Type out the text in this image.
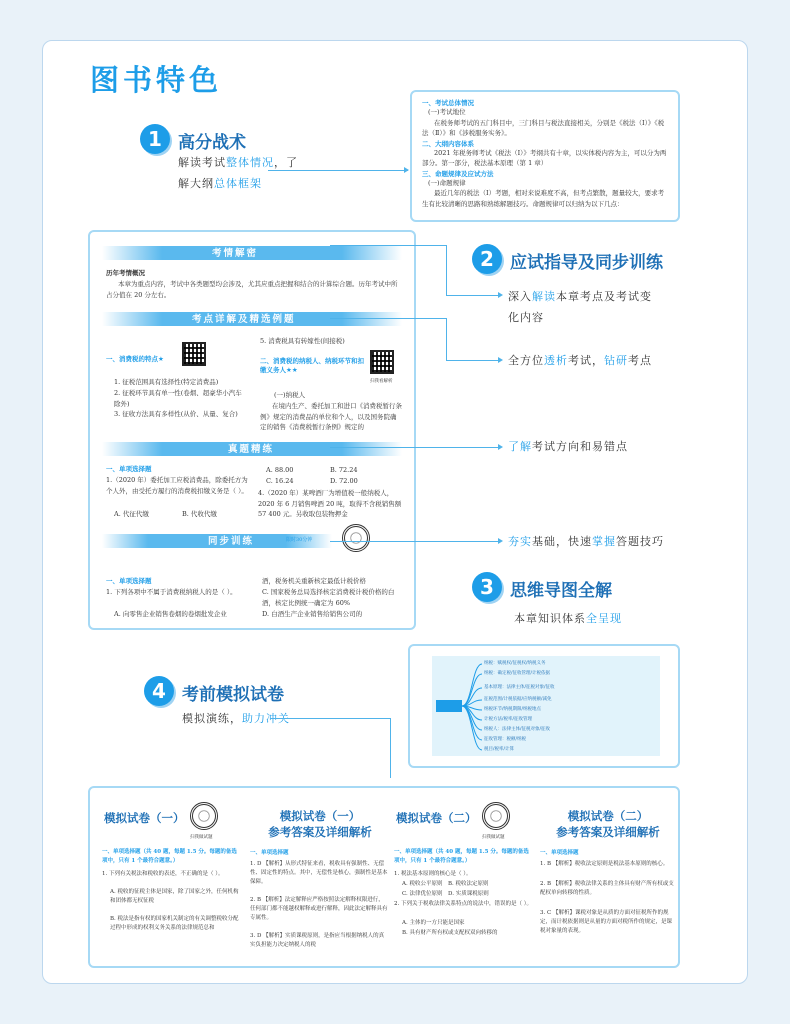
图书特色
一、考试总体情况
(一)考试地位
在税务师考试的五门科目中，三门科目与税法直接相关，分别是《税法（Ⅰ）》《税法（Ⅱ）》和《涉税服务实务》。
二、大纲内容体系
2021 年税务师考试《税法（Ⅰ）》考纲共有十章，以实体税内容为主，可以分为两部分。第一部分，税法基本原理（第 1 章）
三、命题规律及应试方法
(一)命题规律
最近几年的税法（Ⅰ）考题，相对来说难度不高，但考点繁散，题量较大，要求考生有比较清晰的思路和熟练解题技巧。命题规律可以归纳为以下几点：
1 高分战术
解读考试整体情况，了解大纲总体框架
考情解密
历年考情概况
本章为重点内容，考试中各类题型均会涉及，尤其应重点把握和结合的计算综合题。历年考试中所占分值在 20 分左右。
考点详解及精选例题
5. 消费税具有转嫁性(间接税)
一、消费税的特点★
1. 征税范围具有选择性(特定消费品)
2. 征税环节具有单一性(卷烟、超豪华小汽车除外)
3. 征收方法具有多样性(从价、从量、复合)
二、消费税的纳税人、纳税环节和扣缴义务人★★
扫我看解析
(一)纳税人
在境内生产、委托加工和进口《消费税暂行条例》规定的消费品的单位和个人，以及国务院确定的销售《消费税暂行条例》规定的
真题精练
一、单项选择题
1.（2020 年）委托加工应税消费品，除委托方为个人外，由受托方履行的消费税扣缴义务是（ ）。
A. 代征代缴	B. 代收代缴
A. 88.00	B. 72.24
C. 16.24	D. 72.00
4.（2020 年）某啤酒厂为增值税一般纳税人，2020 年 6 月销售啤酒 20 吨，取得不含税销售额 57 400 元。另收取包装物押金
同步训练	限时30分钟
一、单项选择题
1. 下列各项中不属于消费税纳税人的是（ ）。
A. 向零售企业销售卷烟的卷烟批发企业
酒，税务机关重新核定最低计税价格
C. 国家税务总局选择核定消费税计税价格的白酒，核定比例统一确定为 60%
D. 白酒生产企业销售给销售公司的
2 应试指导及同步训练
深入解读本章考点及考试变化内容
全方位透析考试，钻研考点
了解考试方向和易错点
夯实基础，快速掌握答题技巧
3 思维导图全解
本章知识体系全呈现
纳税：赋税权/征税权/纳税义务
纳税：确定税/征收管理/计税依据
基本原理：法律主体/征税对象/征收
征税范围/计税依据/应纳税额/减免
纳税环节/纳税期限/纳税地点
计税方法/税率/征收管理
纳税人：法律主体/征税对象/征收
征收管理：税额/纳税
税目/税率/计算
4 考前模拟试卷
模拟演练，助力冲关
模拟试卷（一）
扫我做试题
一、单项选择题（共 40 题，每题 1.5 分。每题的备选项中，只有 1 个最符合题意。）
1. 下列有关税法和税收的表述，不正确的是（ ）。
A. 税收的征税主体是国家，除了国家之外，任何机构和团体都无权征税
B. 税法是指有权的国家机关制定的有关调整税收分配过程中形成的权利义务关系的法律规范总和
模拟试卷（一）
参考答案及详细解析
一、单项选择题
1. D 【解析】从形式特征来看，税收具有强制性、无偿性、固定性的特点。其中，无偿性是核心，强制性是基本保障。
2. B 【解析】法定解释应严格按照法定解释权限进行，任何部门都不能越权解释或进行解释，因此法定解释具有专属性。
3. D 【解析】实质课税原则，是指应当根据纳税人的真实负担能力决定纳税人的税
模拟试卷（二）
扫我做试题
一、单项选择题（共 40 题，每题 1.5 分。每题的备选项中，只有 1 个最符合题意。）
1. 税法基本原则的核心是（ ）。
A. 税收公平原则　B. 税收法定原则
C. 法律优位原则　D. 实质课税原则
2. 下列关于税收法律关系特点的说法中，错误的是（ ）。
A. 主体的一方只能是国家
B. 具有财产所有权或支配权双向转移的
模拟试卷（二）
参考答案及详细解析
一、单项选择题
1. B 【解析】税收法定原则是税法基本原则的核心。
2. B 【解析】税收法律关系的主体具有财产所有权或支配权单向转移的性质。
3. C 【解析】课税对象是从质的方面对征税所作的规定，而计税依据则是从量的方面对税所作的规定，是课税对象量的表现。
